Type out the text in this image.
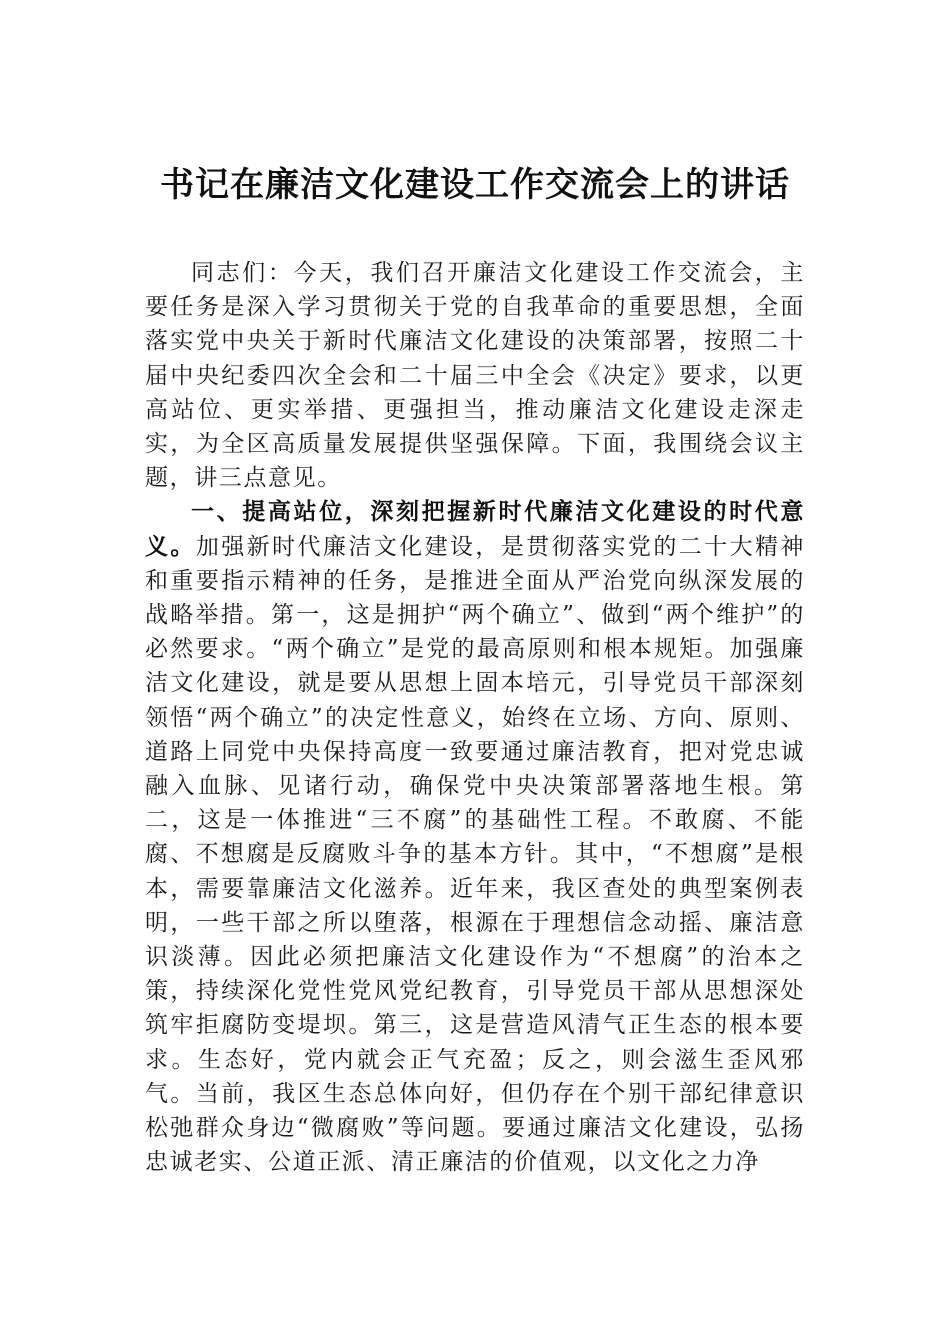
书记在廉洁文化建设工作交流会上的讲话

同志们：今天，我们召开廉洁文化建设工作交流会，主要任务是深入学习贯彻关于党的自我革命的重要思想，全面落实党中央关于新时代廉洁文化建设的决策部署，按照二十届中央纪委四次全会和二十届三中全会《决定》要求，以更高站位、更实举措、更强担当，推动廉洁文化建设走深走实，为全区高质量发展提供坚强保障。下面，我围绕会议主题，讲三点意见。

一、提高站位，深刻把握新时代廉洁文化建设的时代意义。加强新时代廉洁文化建设，是贯彻落实党的二十大精神和重要指示精神的任务，是推进全面从严治党向纵深发展的战略举措。第一，这是拥护“两个确立”、做到“两个维护”的必然要求。“两个确立”是党的最高原则和根本规矩。加强廉洁文化建设，就是要从思想上固本培元，引导党员干部深刻领悟“两个确立”的决定性意义，始终在立场、方向、原则、道路上同党中央保持高度一致要通过廉洁教育，把对党忠诚融入血脉、见诸行动，确保党中央决策部署落地生根。第二，这是一体推进“三不腐”的基础性工程。不敢腐、不能腐、不想腐是反腐败斗争的基本方针。其中，“不想腐”是根本，需要靠廉洁文化滋养。近年来，我区查处的典型案例表明，一些干部之所以堕落，根源在于理想信念动摇、廉洁意识淡薄。因此必须把廉洁文化建设作为“不想腐”的治本之策，持续深化党性党风党纪教育，引导党员干部从思想深处筑牢拒腐防变堤坝。第三，这是营造风清气正生态的根本要求。生态好，党内就会正气充盈；反之，则会滋生歪风邪气。当前，我区生态总体向好，但仍存在个别干部纪律意识松弛群众身边“微腐败”等问题。要通过廉洁文化建设，弘扬忠诚老实、公道正派、清正廉洁的价值观，以文化之力净
